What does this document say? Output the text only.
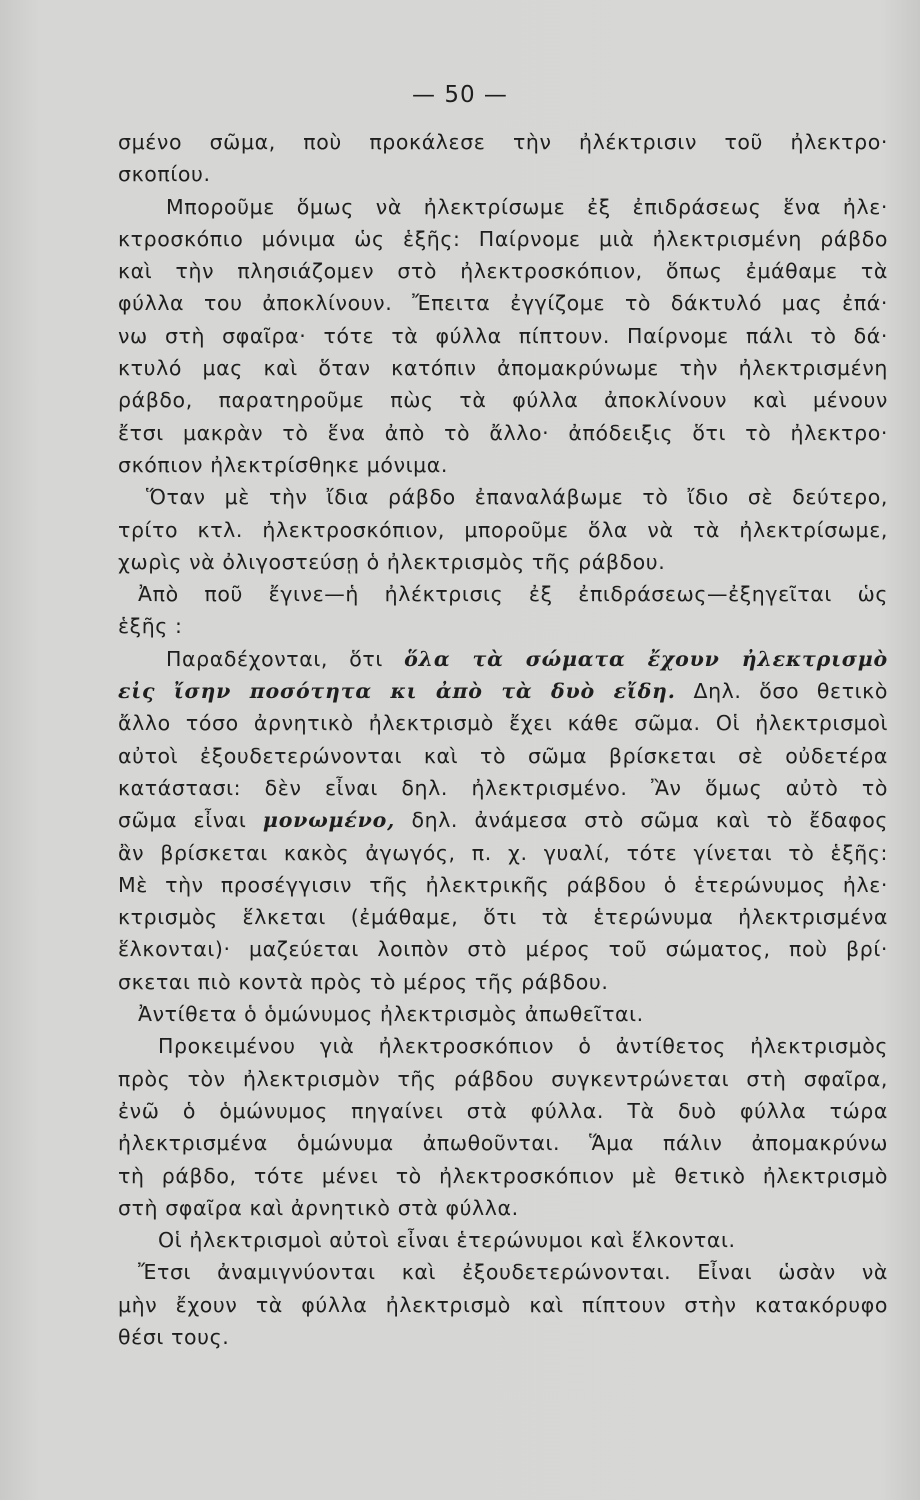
— 50 —
σμένο σῶμα, ποὺ προκάλεσε τὴν ἠλέκτρισιν τοῦ ἠλεκτρο·
σκοπίου.
Μποροῦμε ὅμως νὰ ἠλεκτρίσωμε ἐξ ἐπιδράσεως ἕνα ἠλε·
κτροσκόπιο μόνιμα ὡς ἑξῆς: Παίρνομε μιὰ ἠλεκτρισμένη ράβδο
καὶ τὴν πλησιάζομεν στὸ ἠλεκτροσκόπιον, ὅπως ἐμάθαμε τὰ
φύλλα του ἀποκλίνουν. Ἔπειτα ἐγγίζομε τὸ δάκτυλό μας ἐπά·
νω στὴ σφαῖρα· τότε τὰ φύλλα πίπτουν. Παίρνομε πάλι τὸ δά·
κτυλό μας καὶ ὅταν κατόπιν ἀπομακρύνωμε τὴν ἠλεκτρισμένη
ράβδο, παρατηροῦμε πὼς τὰ φύλλα ἀποκλίνουν καὶ μένουν
ἔτσι μακρὰν τὸ ἕνα ἀπὸ τὸ ἄλλο· ἀπόδειξις ὅτι τὸ ἠλεκτρο·
σκόπιον ἠλεκτρίσθηκε μόνιμα.
Ὅταν μὲ τὴν ἴδια ράβδο ἐπαναλάβωμε τὸ ἴδιο σὲ δεύτερο,
τρίτο κτλ. ἠλεκτροσκόπιον, μποροῦμε ὅλα νὰ τὰ ἠλεκτρίσωμε,
χωρὶς νὰ ὀλιγοστεύσῃ ὁ ἠλεκτρισμὸς τῆς ράβδου.
Ἀπὸ ποῦ ἔγινε—ἡ ἠλέκτρισις ἐξ ἐπιδράσεως—ἐξηγεῖται ὡς
ἑξῆς :
Παραδέχονται, ὅτι ὅλα τὰ σώματα ἔχουν ἠλεκτρισμὸ
εἰς ἴσην ποσότητα κι ἀπὸ τὰ δυὸ εἴδη. Δηλ. ὅσο θετικὸ
ἄλλο τόσο ἀρνητικὸ ἠλεκτρισμὸ ἔχει κάθε σῶμα. Οἱ ἠλεκτρισμοὶ
αὐτοὶ ἐξουδετερώνονται καὶ τὸ σῶμα βρίσκεται σὲ οὐδετέρα
κατάστασι: δὲν εἶναι δηλ. ἠλεκτρισμένο. Ἂν ὅμως αὐτὸ τὸ
σῶμα εἶναι μονωμένο, δηλ. ἀνάμεσα στὸ σῶμα καὶ τὸ ἔδαφος
ἂν βρίσκεται κακὸς ἀγωγός, π. χ. γυαλί, τότε γίνεται τὸ ἑξῆς:
Μὲ τὴν προσέγγισιν τῆς ἠλεκτρικῆς ράβδου ὁ ἑτερώνυμος ἠλε·
κτρισμὸς ἕλκεται (ἐμάθαμε, ὅτι τὰ ἑτερώνυμα ἠλεκτρισμένα
ἕλκονται)· μαζεύεται λοιπὸν στὸ μέρος τοῦ σώματος, ποὺ βρί·
σκεται πιὸ κοντὰ πρὸς τὸ μέρος τῆς ράβδου.
Ἀντίθετα ὁ ὁμώνυμος ἠλεκτρισμὸς ἀπωθεῖται.
Προκειμένου γιὰ ἠλεκτροσκόπιον ὁ ἀντίθετος ἠλεκτρισμὸς
πρὸς τὸν ἠλεκτρισμὸν τῆς ράβδου συγκεντρώνεται στὴ σφαῖρα,
ἐνῶ ὁ ὁμώνυμος πηγαίνει στὰ φύλλα. Τὰ δυὸ φύλλα τώρα
ἠλεκτρισμένα ὁμώνυμα ἀπωθοῦνται. Ἅμα πάλιν ἀπομακρύνω
τὴ ράβδο, τότε μένει τὸ ἠλεκτροσκόπιον μὲ θετικὸ ἠλεκτρισμὸ
στὴ σφαῖρα καὶ ἀρνητικὸ στὰ φύλλα.
Οἱ ἠλεκτρισμοὶ αὐτοὶ εἶναι ἑτερώνυμοι καὶ ἕλκονται.
Ἔτσι ἀναμιγνύονται καὶ ἐξουδετερώνονται. Εἶναι ὡσὰν νὰ
μὴν ἔχουν τὰ φύλλα ἠλεκτρισμὸ καὶ πίπτουν στὴν κατακόρυφο
θέσι τους.
